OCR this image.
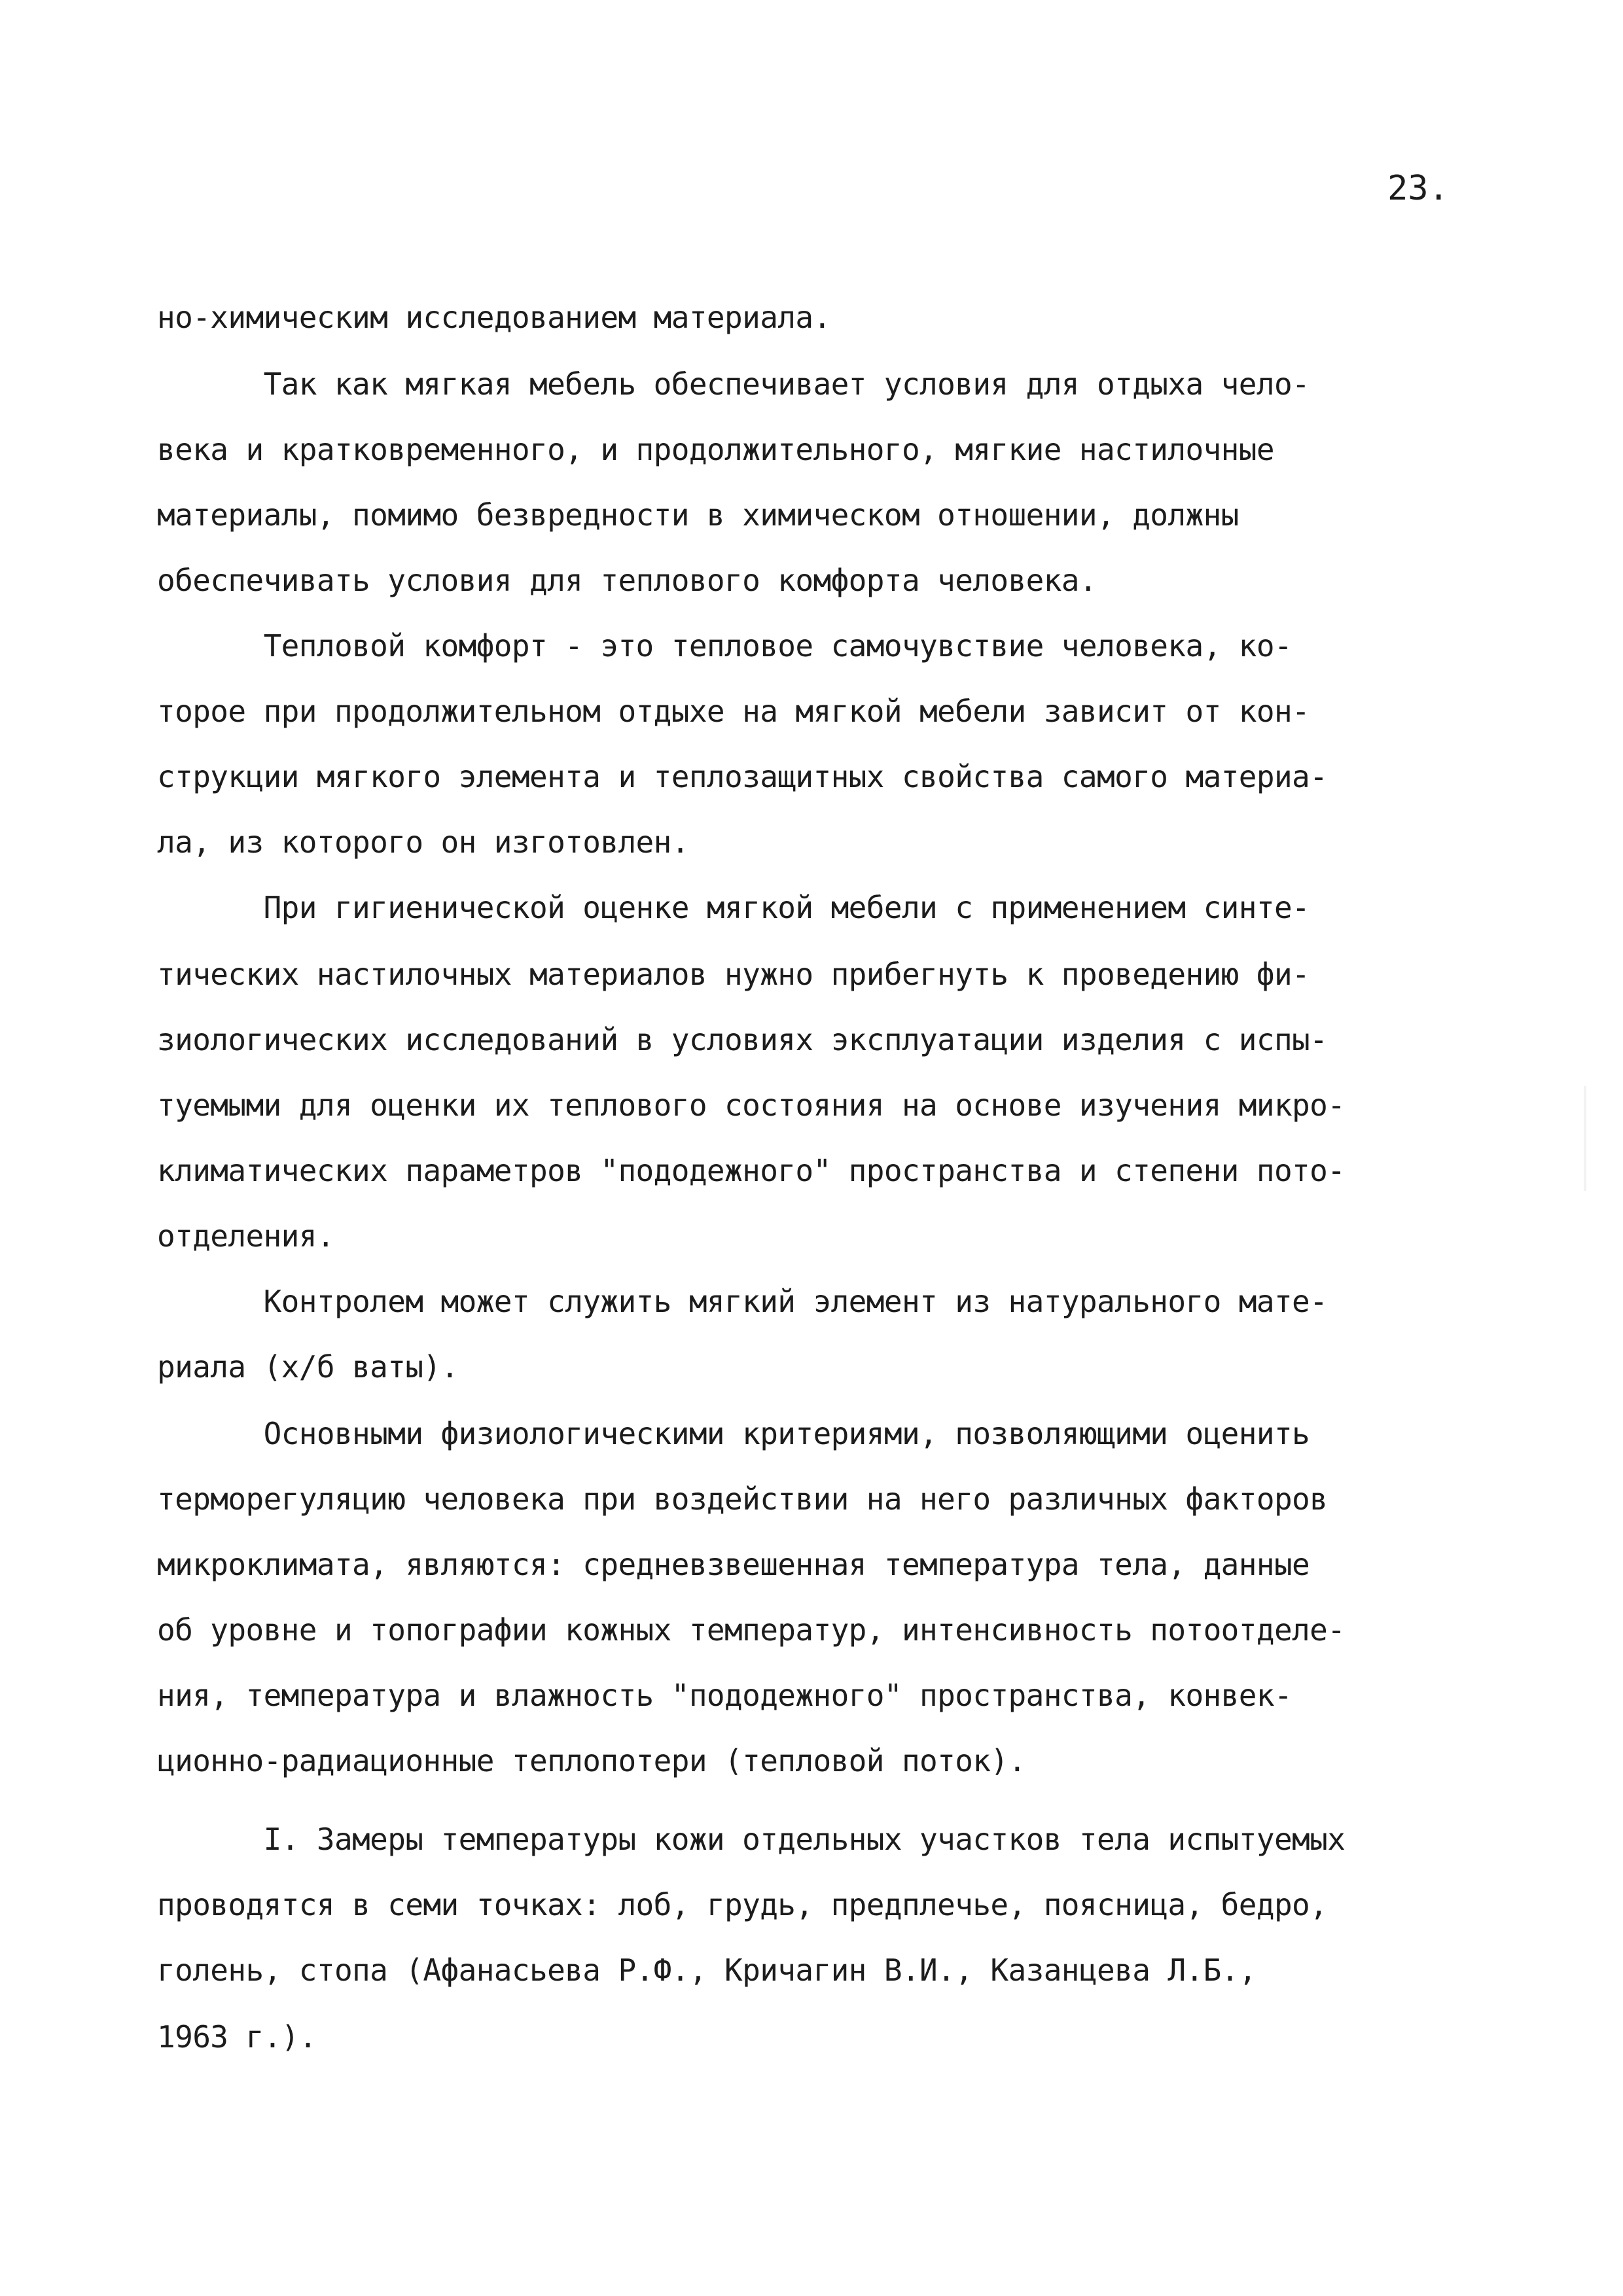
23.
но-химическим исследованием материала.
Так как мягкая мебель обеспечивает условия для отдыха чело-
века и кратковременного, и продолжительного, мягкие настилочные
материалы, помимо безвредности в химическом отношении, должны
обеспечивать условия для теплового комфорта человека.
Тепловой комфорт - это тепловое самочувствие человека, ко-
торое при продолжительном отдыхе на мягкой мебели зависит от кон-
струкции мягкого элемента и теплозащитных свойства самого материа-
ла, из которого он изготовлен.
При гигиенической оценке мягкой мебели с применением синте-
тических настилочных материалов нужно прибегнуть к проведению фи-
зиологических исследований в условиях эксплуатации изделия с испы-
туемыми для оценки их теплового состояния на основе изучения микро-
климатических параметров "пододежного" пространства и степени пото-
отделения.
Контролем может служить мягкий элемент из натурального мате-
риала (х/б ваты).
Основными физиологическими критериями, позволяющими оценить
терморегуляцию человека при воздействии на него различных факторов
микроклимата, являются: средневзвешенная температура тела, данные
об уровне и топографии кожных температур, интенсивность потоотделе-
ния, температура и влажность "пододежного" пространства, конвек-
ционно-радиационные теплопотери (тепловой поток).
I. Замеры температуры кожи отдельных участков тела испытуемых
проводятся в семи точках: лоб, грудь, предплечье, поясница, бедро,
голень, стопа (Афанасьева Р.Ф., Кричагин В.И., Казанцева Л.Б.,
1963 г.).
